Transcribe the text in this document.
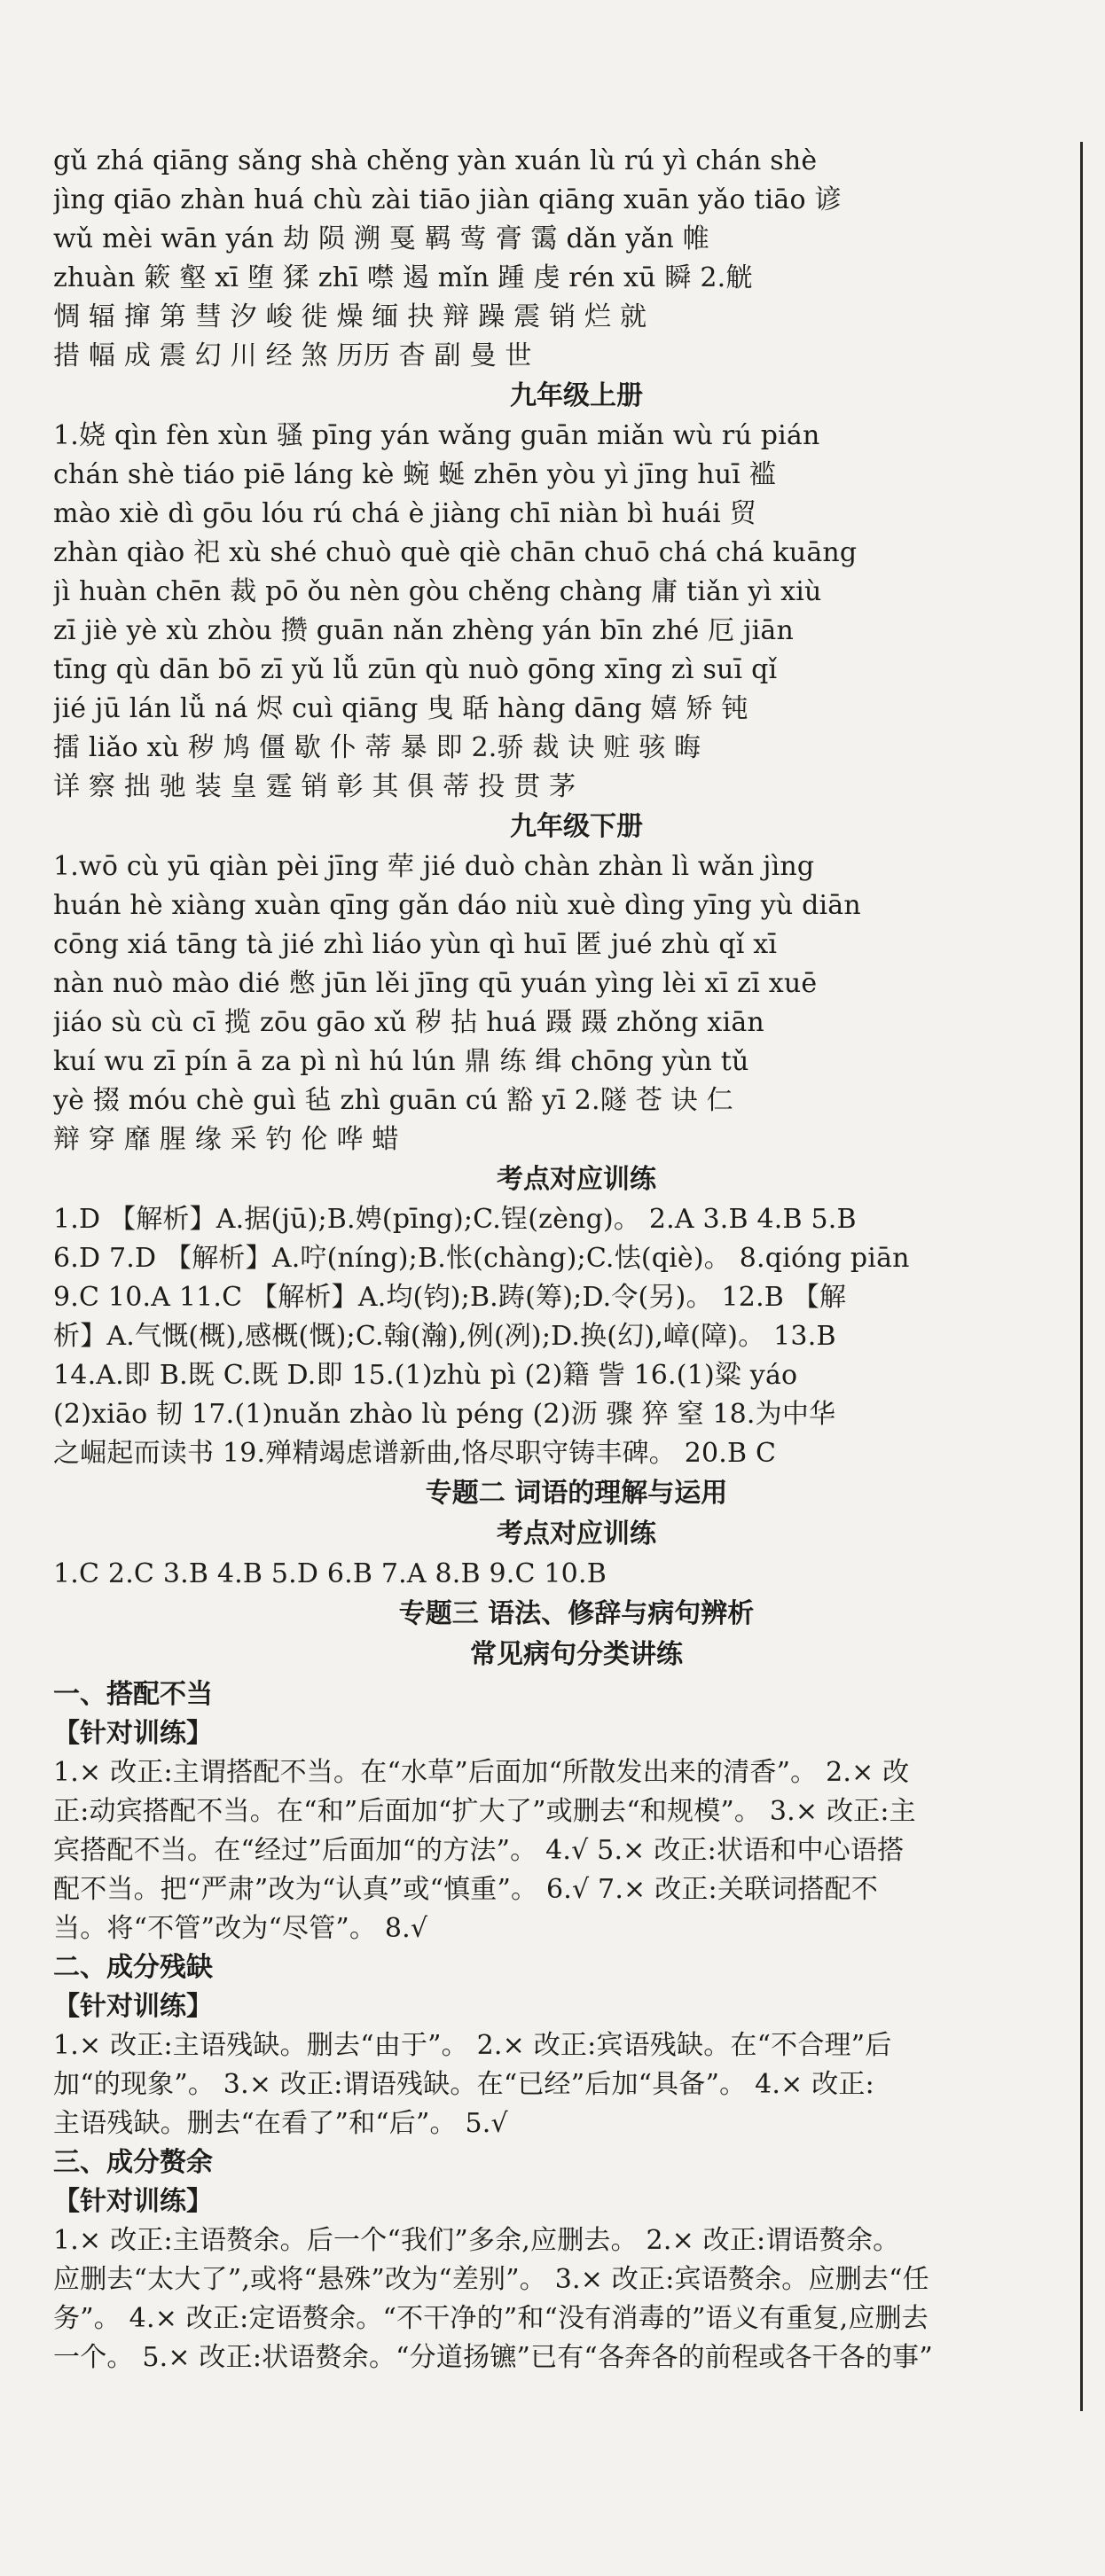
gǔ zhá qiāng sǎng shà chěng yàn xuán lù rú yì chán shè
jìng qiāo zhàn huá chù zài tiāo jiàn qiāng xuān yǎo tiāo 谚
wǔ mèi wān yán 劫 陨 溯 戛 羁 莺 膏 霭 dǎn yǎn 帷
zhuàn 簌 壑 xī 堕 猱 zhī 噤 遏 mǐn 踵 虔 rén xū 瞬 2.觥
惆 辐 撺 第 彗 汐 峻 徙 燥 缅 抉 辩 躁 震 销 烂 就
措 幅 成 震 幻 川 经 煞 历历 杳 副 曼 世
九年级上册
1.娆 qìn fèn xùn 骚 pīng yán wǎng guān miǎn wù rú pián
chán shè tiáo piē láng kè 蜿 蜒 zhēn yòu yì jīng huī 褴
mào xiè dì gōu lóu rú chá è jiàng chī niàn bì huái 贸
zhàn qiào 祀 xù shé chuò què qiè chān chuō chá chá kuāng
jì huàn chēn 裁 pō ǒu nèn gòu chěng chàng 庸 tiǎn yì xiù
zī jiè yè xù zhòu 攒 guān nǎn zhèng yán bīn zhé 厄 jiān
tīng qù dān bō zī yǔ lǚ zūn qù nuò gōng xīng zì suī qǐ
jié jū lán lǚ ná 烬 cuì qiāng 曳 聒 hàng dāng 嬉 矫 钝
擂 liǎo xù 秽 鸠 僵 歇 仆 蒂 暴 即 2.骄 裁 诀 赃 骇 晦
详 察 拙 驰 装 皇 霆 销 彰 其 俱 蒂 投 贯 茅
九年级下册
1.wō cù yū qiàn pèi jīng 荦 jié duò chàn zhàn lì wǎn jìng
huán hè xiàng xuàn qīng gǎn dáo niù xuè dìng yīng yù diān
cōng xiá tāng tà jié zhì liáo yùn qì huī 匿 jué zhù qǐ xī
nàn nuò mào dié 憋 jūn lěi jīng qū yuán yìng lèi xī zī xuē
jiáo sù cù cī 揽 zōu gāo xǔ 秽 拈 huá 蹑 蹑 zhǒng xiān
kuí wu zī pín ā za pì nì hú lún 鼎 练 缉 chōng yùn tǔ
yè 掇 móu chè guì 毡 zhì guān cú 豁 yī 2.隧 苍 诀 仁
辩 穿 靡 腥 缘 采 钓 伦 哗 蜡
考点对应训练
1.D 【解析】A.据(jū);B.娉(pīng);C.锃(zèng)。 2.A 3.B 4.B 5.B
6.D 7.D 【解析】A.咛(níng);B.怅(chàng);C.怯(qiè)。 8.qióng piān
9.C 10.A 11.C 【解析】A.均(钧);B.踌(筹);D.令(另)。 12.B 【解
析】A.气慨(概),感概(慨);C.翰(瀚),例(冽);D.换(幻),嶂(障)。 13.B
14.A.即 B.既 C.既 D.即 15.(1)zhù pì (2)籍 訾 16.(1)粱 yáo
(2)xiāo 韧 17.(1)nuǎn zhào lù péng (2)沥 骤 猝 窒 18.为中华
之崛起而读书 19.殚精竭虑谱新曲,恪尽职守铸丰碑。 20.B C
专题二 词语的理解与运用
考点对应训练
1.C 2.C 3.B 4.B 5.D 6.B 7.A 8.B 9.C 10.B
专题三 语法、修辞与病句辨析
常见病句分类讲练
一、搭配不当
【针对训练】
1.× 改正:主谓搭配不当。在“水草”后面加“所散发出来的清香”。 2.× 改
正:动宾搭配不当。在“和”后面加“扩大了”或删去“和规模”。 3.× 改正:主
宾搭配不当。在“经过”后面加“的方法”。 4.√ 5.× 改正:状语和中心语搭
配不当。把“严肃”改为“认真”或“慎重”。 6.√ 7.× 改正:关联词搭配不
当。将“不管”改为“尽管”。 8.√
二、成分残缺
【针对训练】
1.× 改正:主语残缺。删去“由于”。 2.× 改正:宾语残缺。在“不合理”后
加“的现象”。 3.× 改正:谓语残缺。在“已经”后加“具备”。 4.× 改正:
主语残缺。删去“在看了”和“后”。 5.√
三、成分赘余
【针对训练】
1.× 改正:主语赘余。后一个“我们”多余,应删去。 2.× 改正:谓语赘余。
应删去“太大了”,或将“悬殊”改为“差别”。 3.× 改正:宾语赘余。应删去“任
务”。 4.× 改正:定语赘余。“不干净的”和“没有消毒的”语义有重复,应删去
一个。 5.× 改正:状语赘余。“分道扬镳”已有“各奔各的前程或各干各的事”
